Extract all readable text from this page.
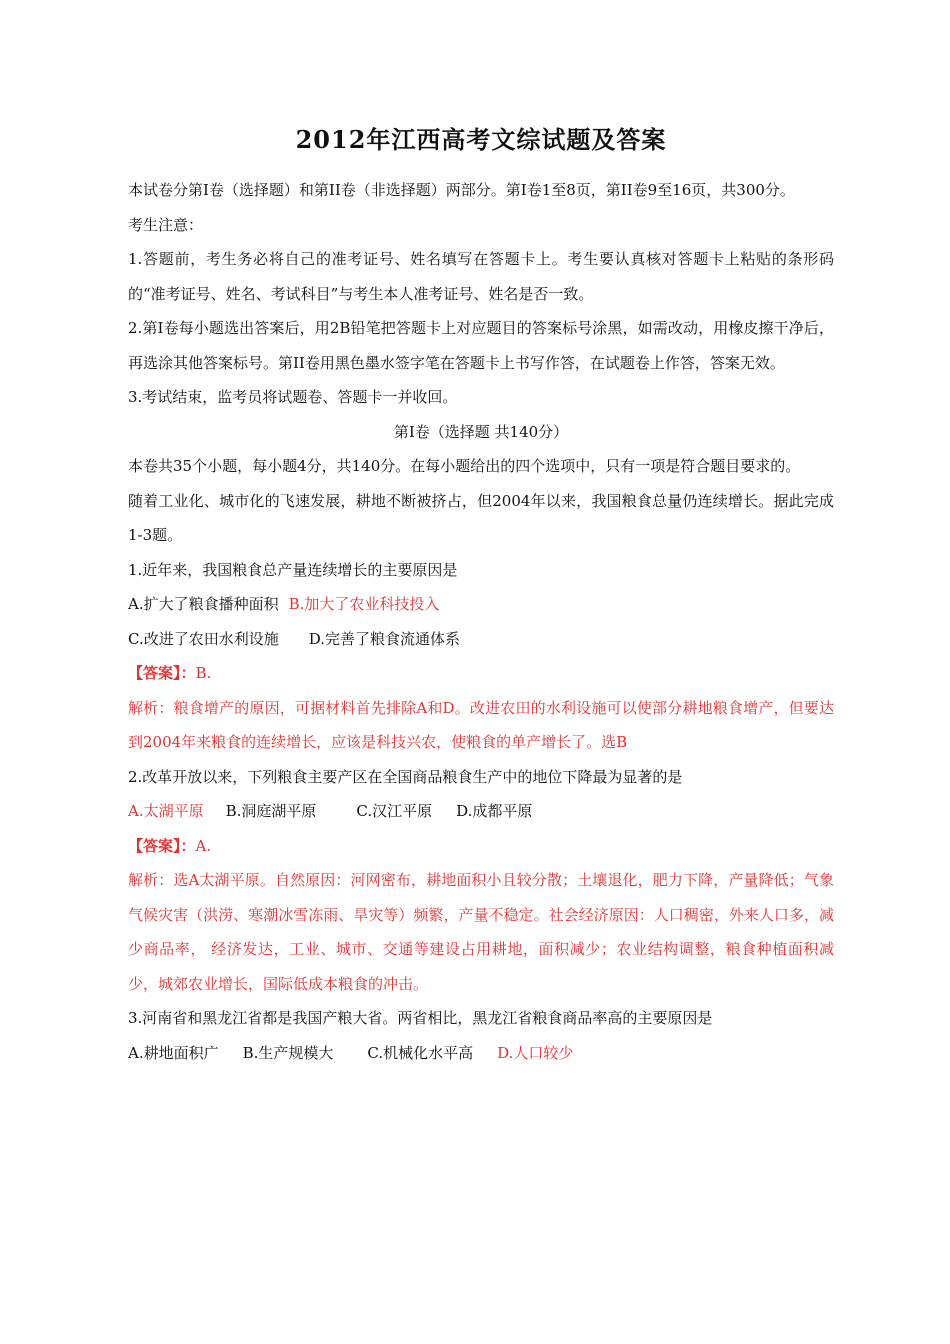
2012年江西高考文综试题及答案

本试卷分第I卷（选择题）和第II卷（非选择题）两部分。第I卷1至8页，第II卷9至16页，共300分。

考生注意：

1.答题前，考生务必将自己的准考证号、姓名填写在答题卡上。考生要认真核对答题卡上粘贴的条形码的“准考证号、姓名、考试科目”与考生本人准考证号、姓名是否一致。

2.第I卷每小题选出答案后，用2B铅笔把答题卡上对应题目的答案标号涂黑，如需改动，用橡皮擦干净后，再选涂其他答案标号。第II卷用黑色墨水签字笔在答题卡上书写作答，在试题卷上作答，答案无效。

3.考试结束，监考员将试题卷、答题卡一并收回。

第I卷（选择题 共140分）

本卷共35个小题，每小题4分，共140分。在每小题给出的四个选项中，只有一项是符合题目要求的。

随着工业化、城市化的飞速发展，耕地不断被挤占，但2004年以来，我国粮食总量仍连续增长。据此完成1-3题。

1.近年来，我国粮食总产量连续增长的主要原因是

A.扩大了粮食播种面积 B.加大了农业科技投入

C.改进了农田水利设施 D.完善了粮食流通体系

【答案】：B.

解析：粮食增产的原因，可据材料首先排除A和D。改进农田的水利设施可以使部分耕地粮食增产，但要达到2004年来粮食的连续增长，应该是科技兴农，使粮食的单产增长了。选B

2.改革开放以来，下列粮食主要产区在全国商品粮食生产中的地位下降最为显著的是

A.太湖平原 B.洞庭湖平原	C.汉江平原 D.成都平原

【答案】：A.

解析：选A太湖平原。自然原因：河网密布，耕地面积小且较分散；土壤退化，肥力下降，产量降低；气象气候灾害（洪涝、寒潮冰雪冻雨、旱灾等）频繁，产量不稳定。社会经济原因：人口稠密，外来人口多，减少商品率， 经济发达，工业、城市、交通等建设占用耕地，面积减少；农业结构调整，粮食种植面积减少，城郊农业增长，国际低成本粮食的冲击。

3.河南省和黑龙江省都是我国产粮大省。两省相比，黑龙江省粮食商品率高的主要原因是

A.耕地面积广 B.生产规模大 C.机械化水平高 D.人口较少
